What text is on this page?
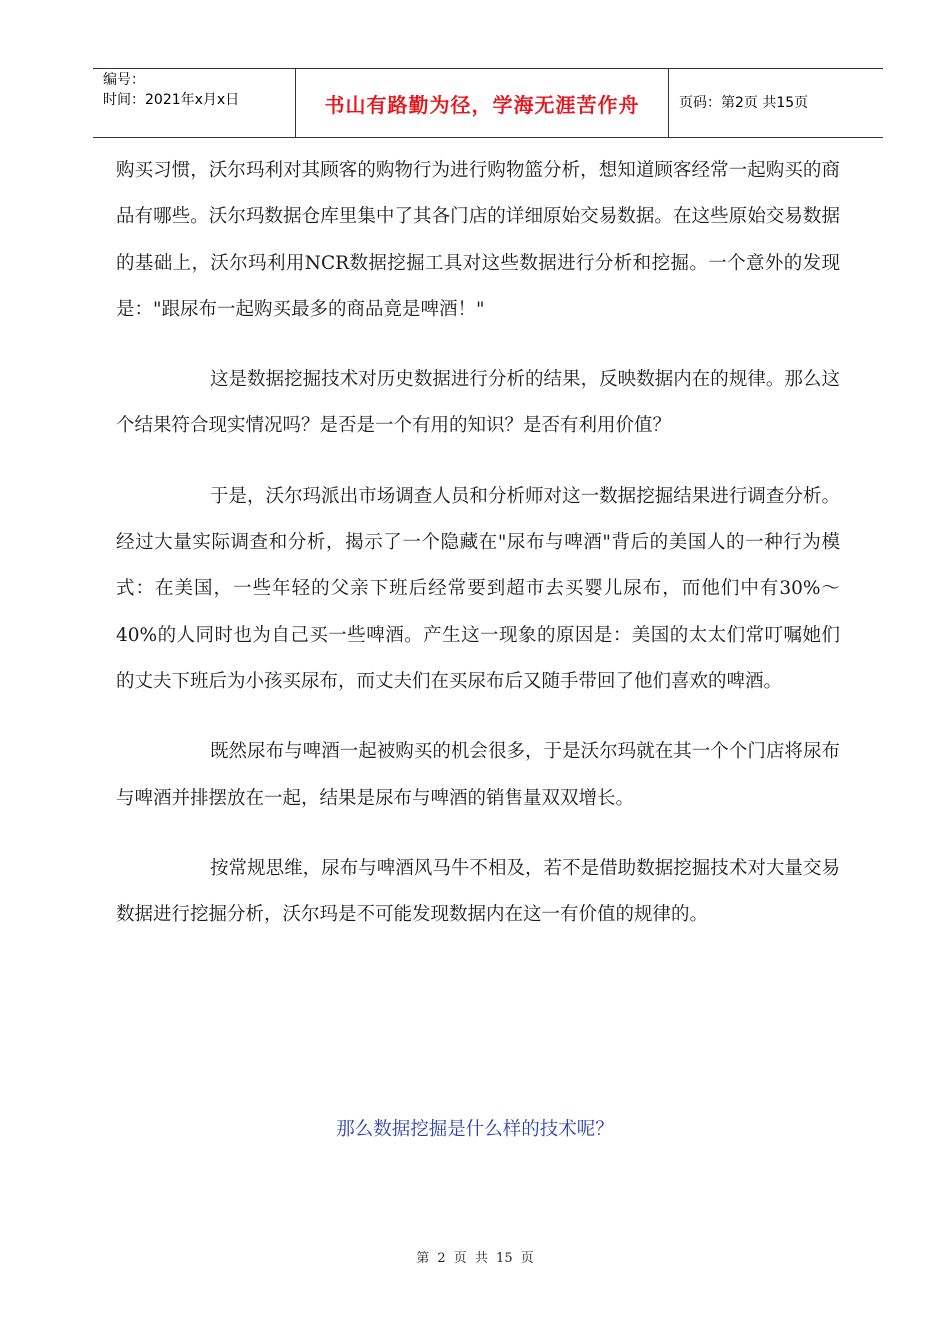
编号：
时间：2021年x月x日	书山有路勤为径，学海无涯苦作舟	页码：第2页 共15页

购买习惯，沃尔玛利对其顾客的购物行为进行购物篮分析，想知道顾客经常一起购买的商品有哪些。沃尔玛数据仓库里集中了其各门店的详细原始交易数据。在这些原始交易数据的基础上，沃尔玛利用NCR数据挖掘工具对这些数据进行分析和挖掘。一个意外的发现是："跟尿布一起购买最多的商品竟是啤酒！"

这是数据挖掘技术对历史数据进行分析的结果，反映数据内在的规律。那么这个结果符合现实情况吗？是否是一个有用的知识？是否有利用价值？

于是，沃尔玛派出市场调查人员和分析师对这一数据挖掘结果进行调查分析。经过大量实际调查和分析，揭示了一个隐藏在"尿布与啤酒"背后的美国人的一种行为模式：在美国，一些年轻的父亲下班后经常要到超市去买婴儿尿布，而他们中有30%～40%的人同时也为自己买一些啤酒。产生这一现象的原因是：美国的太太们常叮嘱她们的丈夫下班后为小孩买尿布，而丈夫们在买尿布后又随手带回了他们喜欢的啤酒。

既然尿布与啤酒一起被购买的机会很多，于是沃尔玛就在其一个个门店将尿布与啤酒并排摆放在一起，结果是尿布与啤酒的销售量双双增长。

按常规思维，尿布与啤酒风马牛不相及，若不是借助数据挖掘技术对大量交易数据进行挖掘分析，沃尔玛是不可能发现数据内在这一有价值的规律的。

那么数据挖掘是什么样的技术呢？
第 2 页 共 15 页
